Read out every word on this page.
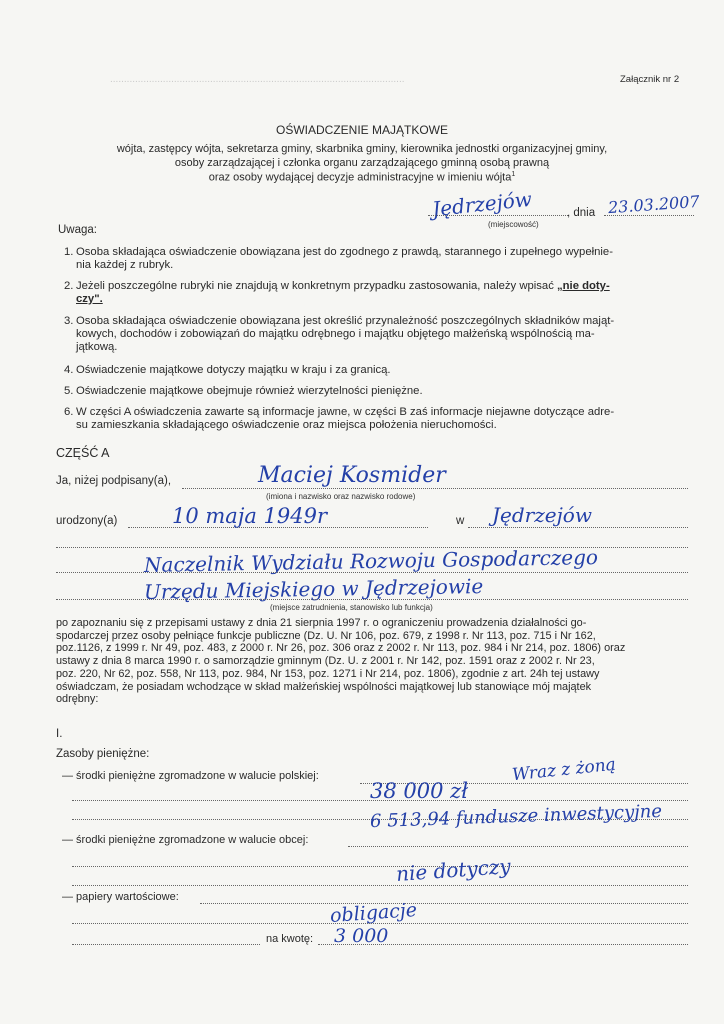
..........................................................................................................	Załącznik nr 2
OŚWIADCZENIE MAJĄTKOWE
wójta, zastępcy wójta, sekretarza gminy, skarbnika gminy, kierownika jednostki organizacyjnej gminy,
osoby zarządzającej i członka organu zarządzającego gminną osobą prawną
oraz osoby wydającej decyzje administracyjne w imieniu wójta$^1$
Jędrzejów
(miejscowość)
, dnia 23.03.2007
Uwaga:
1. Osoba składająca oświadczenie obowiązana jest do zgodnego z prawdą, starannego i zupełnego wypełnie-
nia każdej z rubryk.
2. Jeżeli poszczególne rubryki nie znajdują w konkretnym przypadku zastosowania, należy wpisać „nie doty-
czy".
3. Osoba składająca oświadczenie obowiązana jest określić przynależność poszczególnych składników mająt-
kowych, dochodów i zobowiązań do majątku odrębnego i majątku objętego małżeńską wspólnością ma-
jątkową.
4. Oświadczenie majątkowe dotyczy majątku w kraju i za granicą.
5. Oświadczenie majątkowe obejmuje również wierzytelności pieniężne.
6. W części A oświadczenia zawarte są informacje jawne, w części B zaś informacje niejawne dotyczące adre-
su zamieszkania składającego oświadczenie oraz miejsca położenia nieruchomości.
CZĘŚĆ A
Ja, niżej podpisany(a),	Maciej Kosmider
(imiona i nazwisko oraz nazwisko rodowe)
urodzony(a)	10 maja 1949r	w Jędrzejów
Naczelnik Wydziału Rozwoju Gospodarczego
Urzędu Miejskiego w Jędrzejowie
(miejsce zatrudnienia, stanowisko lub funkcja)
po zapoznaniu się z przepisami ustawy z dnia 21 sierpnia 1997 r. o ograniczeniu prowadzenia działalności go-
spodarczej przez osoby pełniące funkcje publiczne (Dz. U. Nr 106, poz. 679, z 1998 r. Nr 113, poz. 715 i Nr 162,
poz.1126, z 1999 r. Nr 49, poz. 483, z 2000 r. Nr 26, poz. 306 oraz z 2002 r. Nr 113, poz. 984 i Nr 214, poz. 1806) oraz
ustawy z dnia 8 marca 1990 r. o samorządzie gminnym (Dz. U. z 2001 r. Nr 142, poz. 1591 oraz z 2002 r. Nr 23,
poz. 220, Nr 62, poz. 558, Nr 113, poz. 984, Nr 153, poz. 1271 i Nr 214, poz. 1806), zgodnie z art. 24h tej ustawy
oświadczam, że posiadam wchodzące w skład małżeńskiej wspólności majątkowej lub stanowiące mój majątek
odrębny:
I.
Zasoby pieniężne:
— środki pieniężne zgromadzone w walucie polskiej:	Wraz z żoną
38 000 zł
6 513,94 fundusze inwestycyjne
— środki pieniężne zgromadzone w walucie obcej:
nie dotyczy
— papiery wartościowe:
obligacje
na kwotę: 3 000
